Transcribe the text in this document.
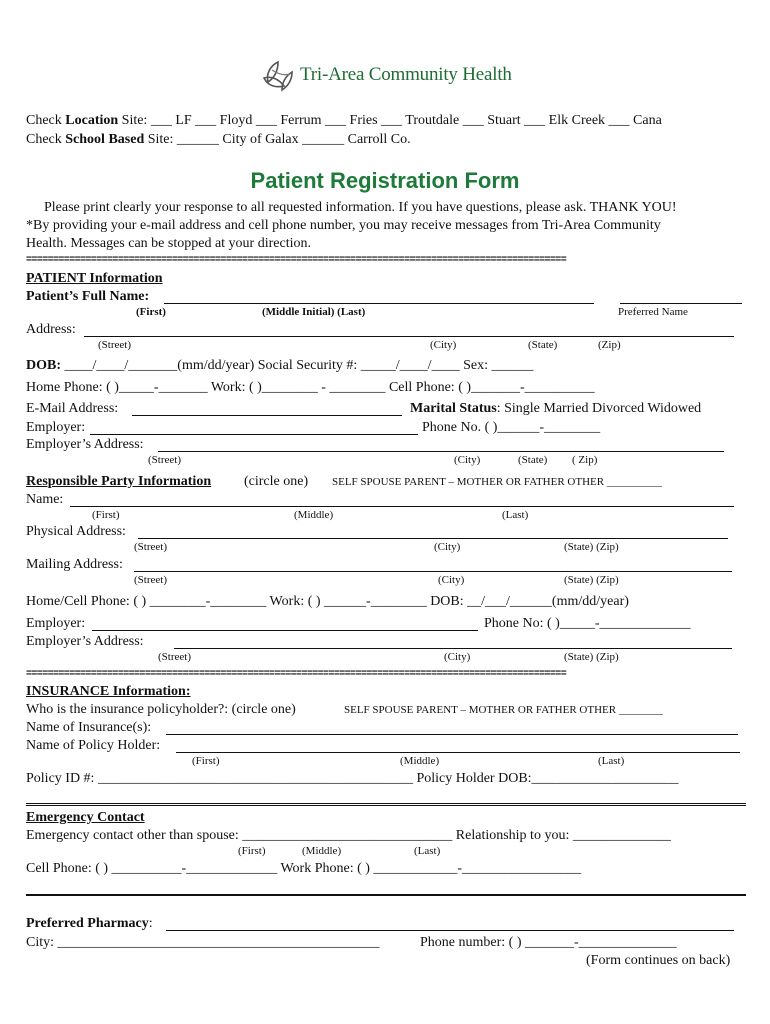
Tri-Area Community Health
Check Location Site: ___ LF ___ Floyd ___ Ferrum ___ Fries ___ Troutdale ___ Stuart ___ Elk Creek ___ Cana
Check School Based Site: ______ City of Galax ______ Carroll Co.
Patient Registration Form
Please print clearly your response to all requested information. If you have questions, please ask. THANK YOU!
*By providing your e-mail address and cell phone number, you may receive messages from Tri-Area Community
Health. Messages can be stopped at your direction.
====================================================================================================
PATIENT Information
Patient’s Full Name:
(First)	(Middle Initial) (Last)	Preferred Name
Address:
(Street)	(City)	(State)	(Zip)
DOB: ____/____/_______(mm/dd/year) Social Security #: _____/____/____ Sex: ______
Home Phone: ( )_____-_______ Work: ( )________ - ________ Cell Phone: ( )_______-__________
E-Mail Address:	Marital Status: Single Married Divorced Widowed
Employer:	Phone No. ( )______-________
Employer’s Address:
(Street)	(City)	(State) ( Zip)
Responsible Party Information (circle one) SELF SPOUSE PARENT – MOTHER OR FATHER OTHER __________
Name:
(First)	(Middle)	(Last)
Physical Address:
(Street)	(City)	(State) (Zip)
Mailing Address:
(Street)	(City)	(State) (Zip)
Home/Cell Phone: ( ) ________-________ Work: ( ) ______-________ DOB: __/___/______(mm/dd/year)
Employer:	Phone No: ( )_____-_____________
Employer’s Address:
(Street)	(City)	(State) (Zip)
====================================================================================================
INSURANCE Information:
Who is the insurance policyholder?: (circle one)	SELF SPOUSE PARENT – MOTHER OR FATHER OTHER ________
Name of Insurance(s):
Name of Policy Holder:
(First)	(Middle)	(Last)
Policy ID #: _____________________________________________ Policy Holder DOB:_____________________
Emergency Contact
Emergency contact other than spouse: ______________________________ Relationship to you: ______________
(First)	(Middle)	(Last)
Cell Phone: ( ) __________-_____________ Work Phone: ( ) ____________-_________________
Preferred Pharmacy:
City: ______________________________________________	Phone number: ( ) _______-______________
(Form continues on back)
